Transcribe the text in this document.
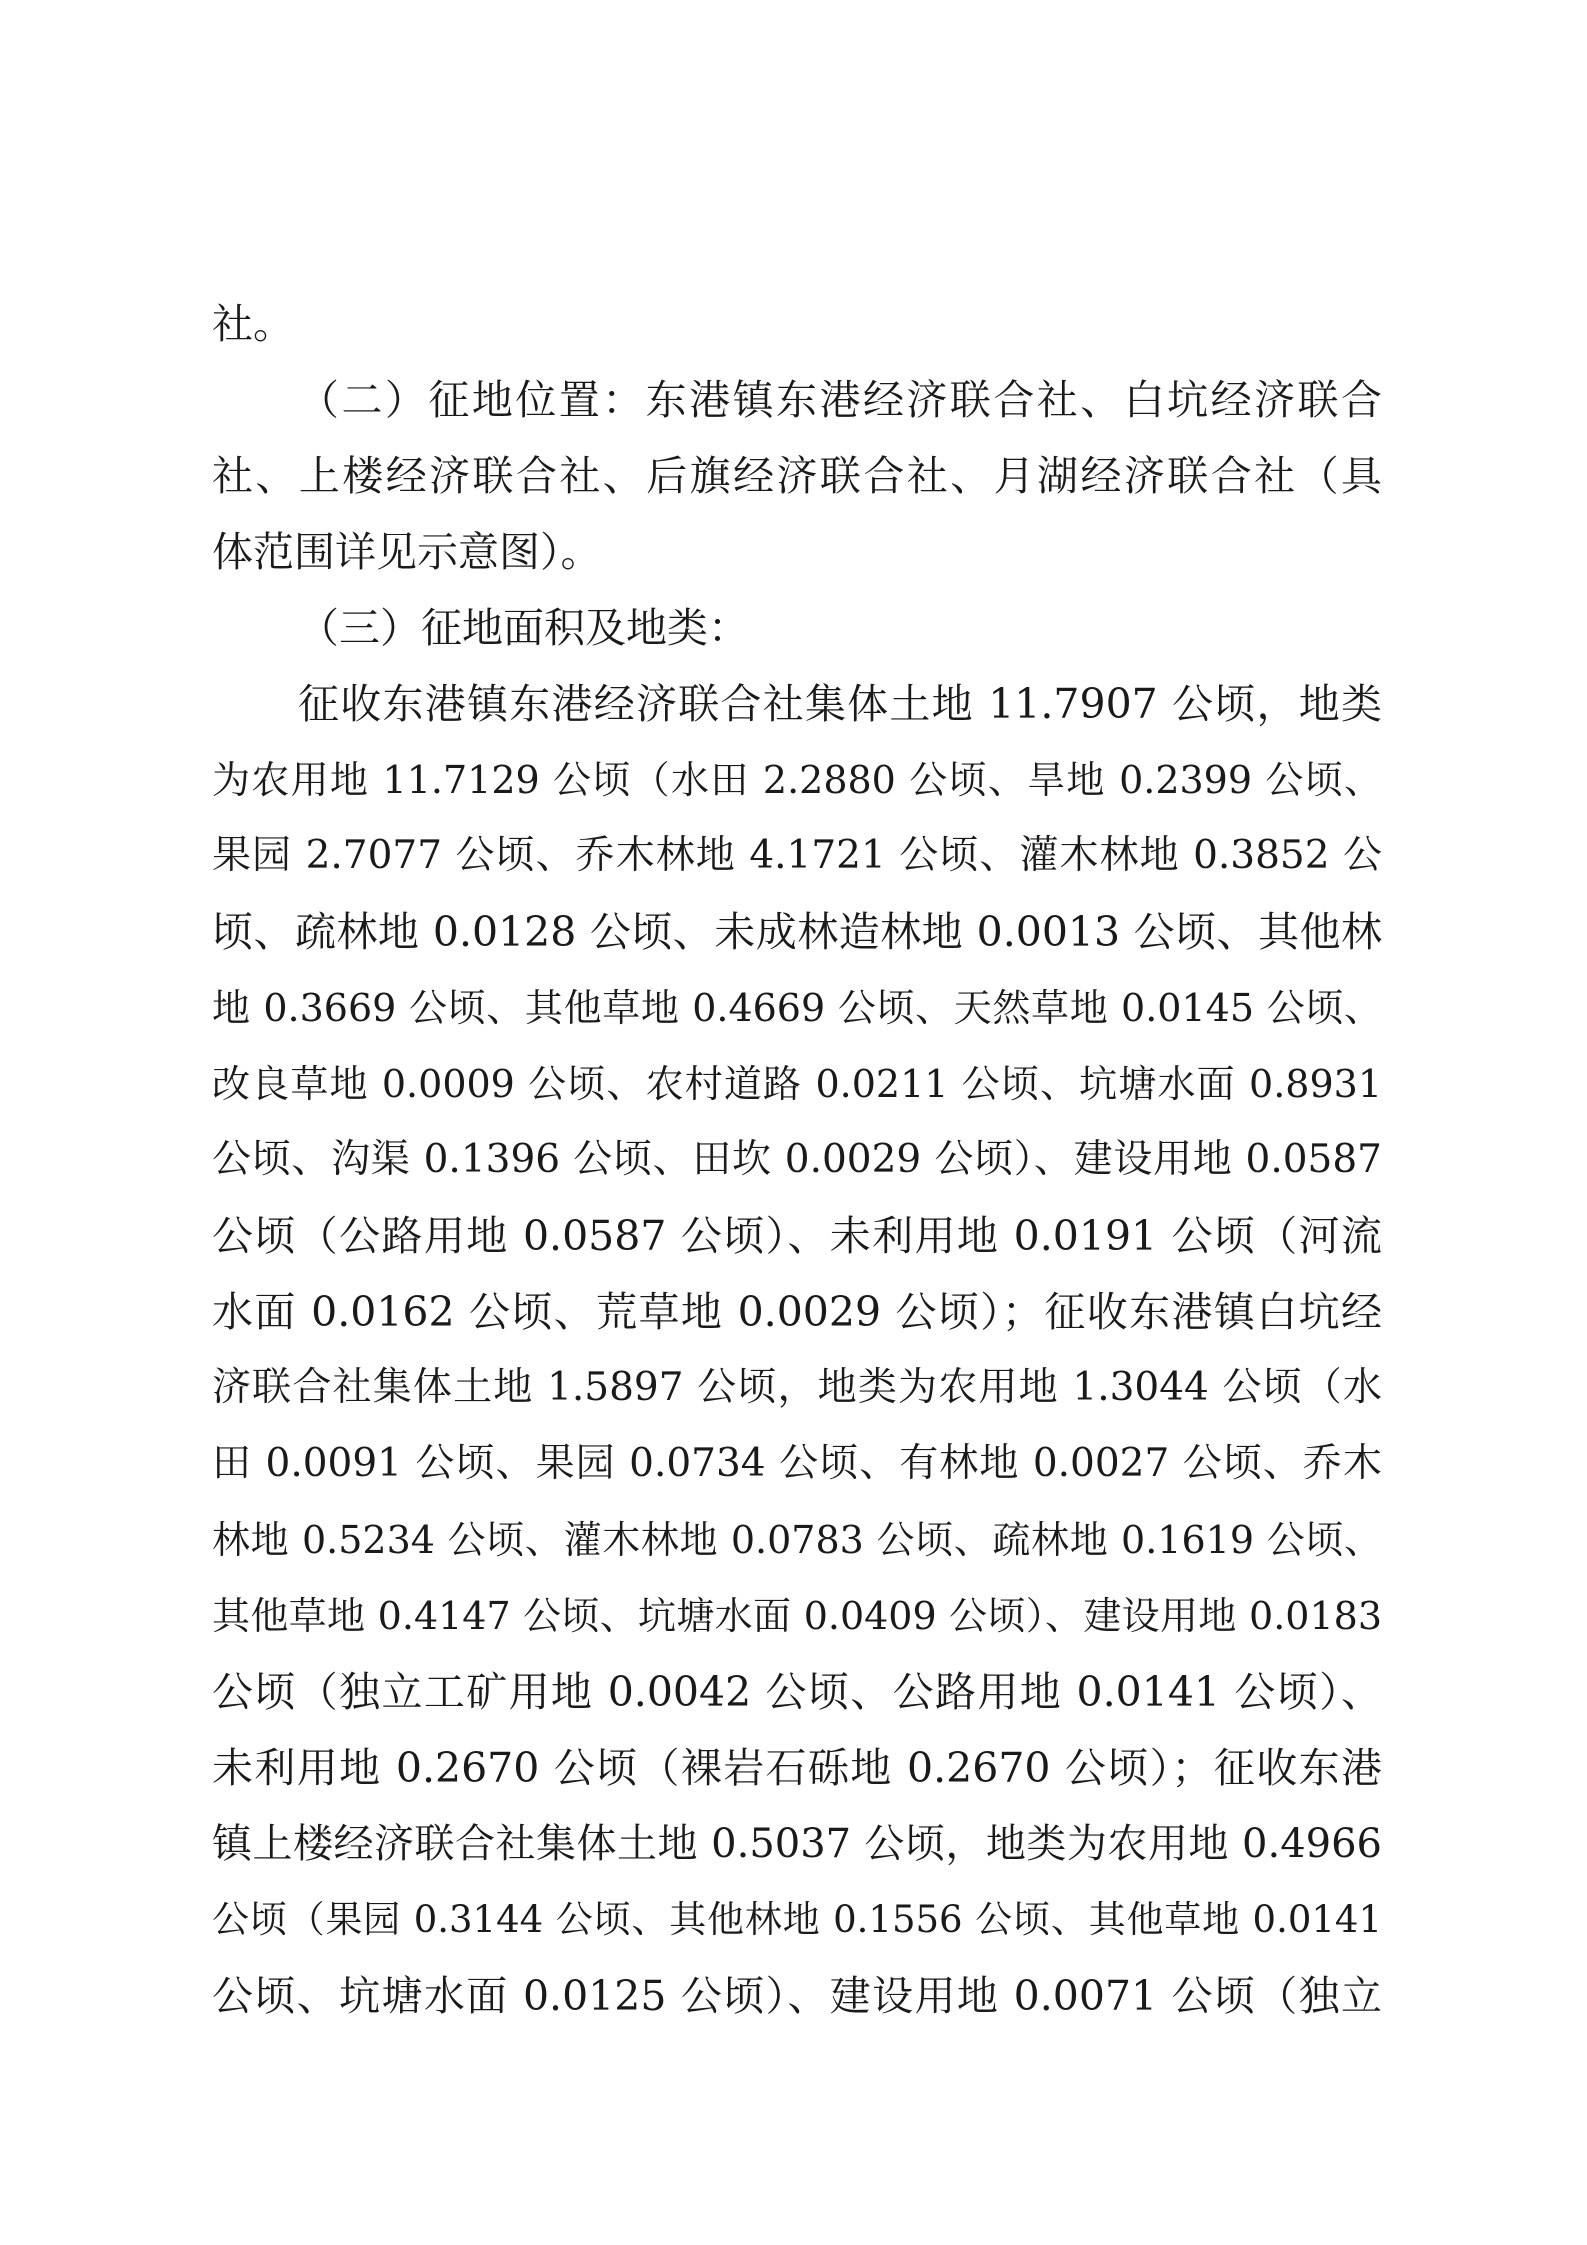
社。
（二）征地位置：东港镇东港经济联合社、白坑经济联合
社、上楼经济联合社、后旗经济联合社、月湖经济联合社（具
体范围详见示意图）。
（三）征地面积及地类：
征收东港镇东港经济联合社集体土地 11.7907 公顷，地类
为农用地 11.7129 公顷（水田 2.2880 公顷、旱地 0.2399 公顷、
果园 2.7077 公顷、乔木林地 4.1721 公顷、灌木林地 0.3852 公
顷、疏林地 0.0128 公顷、未成林造林地 0.0013 公顷、其他林
地 0.3669 公顷、其他草地 0.4669 公顷、天然草地 0.0145 公顷、
改良草地 0.0009 公顷、农村道路 0.0211 公顷、坑塘水面 0.8931
公顷、沟渠 0.1396 公顷、田坎 0.0029 公顷）、建设用地 0.0587
公顷（公路用地 0.0587 公顷）、未利用地 0.0191 公顷（河流
水面 0.0162 公顷、荒草地 0.0029 公顷）；征收东港镇白坑经
济联合社集体土地 1.5897 公顷，地类为农用地 1.3044 公顷（水
田 0.0091 公顷、果园 0.0734 公顷、有林地 0.0027 公顷、乔木
林地 0.5234 公顷、灌木林地 0.0783 公顷、疏林地 0.1619 公顷、
其他草地 0.4147 公顷、坑塘水面 0.0409 公顷）、建设用地 0.0183
公顷（独立工矿用地 0.0042 公顷、公路用地 0.0141 公顷）、
未利用地 0.2670 公顷（裸岩石砾地 0.2670 公顷）；征收东港
镇上楼经济联合社集体土地 0.5037 公顷，地类为农用地 0.4966
公顷（果园 0.3144 公顷、其他林地 0.1556 公顷、其他草地 0.0141
公顷、坑塘水面 0.0125 公顷）、建设用地 0.0071 公顷（独立
